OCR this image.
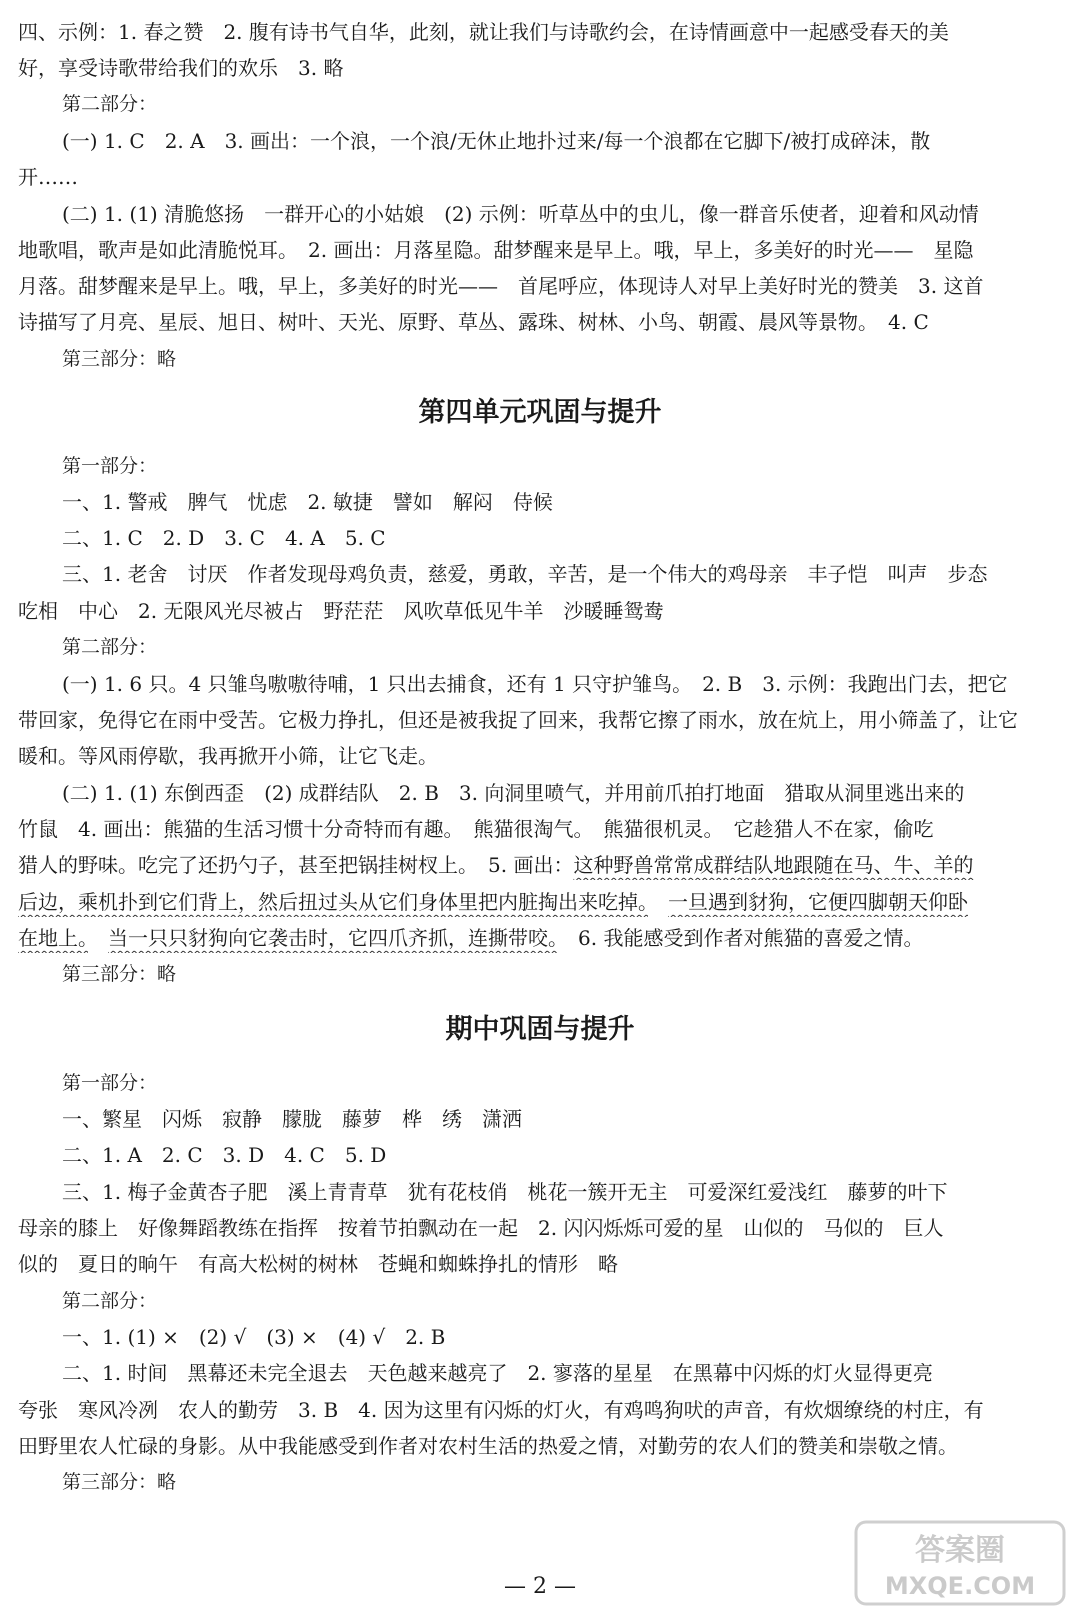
四、示例：1. 春之赞　2. 腹有诗书气自华，此刻，就让我们与诗歌约会，在诗情画意中一起感受春天的美
好，享受诗歌带给我们的欢乐　3. 略
第二部分：
(一) 1. C　2. A　3. 画出：一个浪，一个浪/无休止地扑过来/每一个浪都在它脚下/被打成碎沫，散
开……
(二) 1. (1) 清脆悠扬　一群开心的小姑娘　(2) 示例：听草丛中的虫儿，像一群音乐使者，迎着和风动情
地歌唱，歌声是如此清脆悦耳。　2. 画出：月落星隐。甜梦醒来是早上。哦，早上，多美好的时光——　星隐
月落。甜梦醒来是早上。哦，早上，多美好的时光——　首尾呼应，体现诗人对早上美好时光的赞美　3. 这首
诗描写了月亮、星辰、旭日、树叶、天光、原野、草丛、露珠、树林、小鸟、朝霞、晨风等景物。　4. C
第三部分：略
第四单元巩固与提升
第一部分：
一、1. 警戒　脾气　忧虑　2. 敏捷　譬如　解闷　侍候
二、1. C　2. D　3. C　4. A　5. C
三、1. 老舍　讨厌　作者发现母鸡负责，慈爱，勇敢，辛苦，是一个伟大的鸡母亲　丰子恺　叫声　步态
吃相　中心　2. 无限风光尽被占　野茫茫　风吹草低见牛羊　沙暖睡鸳鸯
第二部分：
(一) 1. 6 只。4 只雏鸟嗷嗷待哺，1 只出去捕食，还有 1 只守护雏鸟。　2. B　3. 示例：我跑出门去，把它
带回家，免得它在雨中受苦。它极力挣扎，但还是被我捉了回来，我帮它擦了雨水，放在炕上，用小筛盖了，让它
暖和。等风雨停歇，我再掀开小筛，让它飞走。
(二) 1. (1) 东倒西歪　(2) 成群结队　2. B　3. 向洞里喷气，并用前爪拍打地面　猎取从洞里逃出来的
竹鼠　4. 画出：熊猫的生活习惯十分奇特而有趣。　熊猫很淘气。　熊猫很机灵。　它趁猎人不在家，偷吃
猎人的野味。吃完了还扔勺子，甚至把锅挂树杈上。　5. 画出：这种野兽常常成群结队地跟随在马、牛、羊的
后边，乘机扑到它们背上，然后扭过头从它们身体里把内脏掏出来吃掉。　 一旦遇到豺狗，它便四脚朝天仰卧
在地上。　 当一只只豺狗向它袭击时，它四爪齐抓，连撕带咬。　6. 我能感受到作者对熊猫的喜爱之情。
第三部分：略
期中巩固与提升
第一部分：
一、繁星　闪烁　寂静　朦胧　藤萝　桦　绣　潇洒
二、1. A　2. C　3. D　4. C　5. D
三、1. 梅子金黄杏子肥　溪上青青草　犹有花枝俏　桃花一簇开无主　可爱深红爱浅红　藤萝的叶下
母亲的膝上　好像舞蹈教练在指挥　按着节拍飘动在一起　2. 闪闪烁烁可爱的星　山似的　马似的　巨人
似的　夏日的晌午　有高大松树的树林　苍蝇和蜘蛛挣扎的情形　略
第二部分：
一、1. (1) ×　(2) √　(3) ×　(4) √　2. B
二、1. 时间　黑幕还未完全退去　天色越来越亮了　2. 寥落的星星　在黑幕中闪烁的灯火显得更亮
夸张　寒风冷冽　农人的勤劳　3. B　4. 因为这里有闪烁的灯火，有鸡鸣狗吠的声音，有炊烟缭绕的村庄，有
田野里农人忙碌的身影。从中我能感受到作者对农村生活的热爱之情，对勤劳的农人们的赞美和崇敬之情。
第三部分：略
— 2 —
答案圈
MXQE.COM
